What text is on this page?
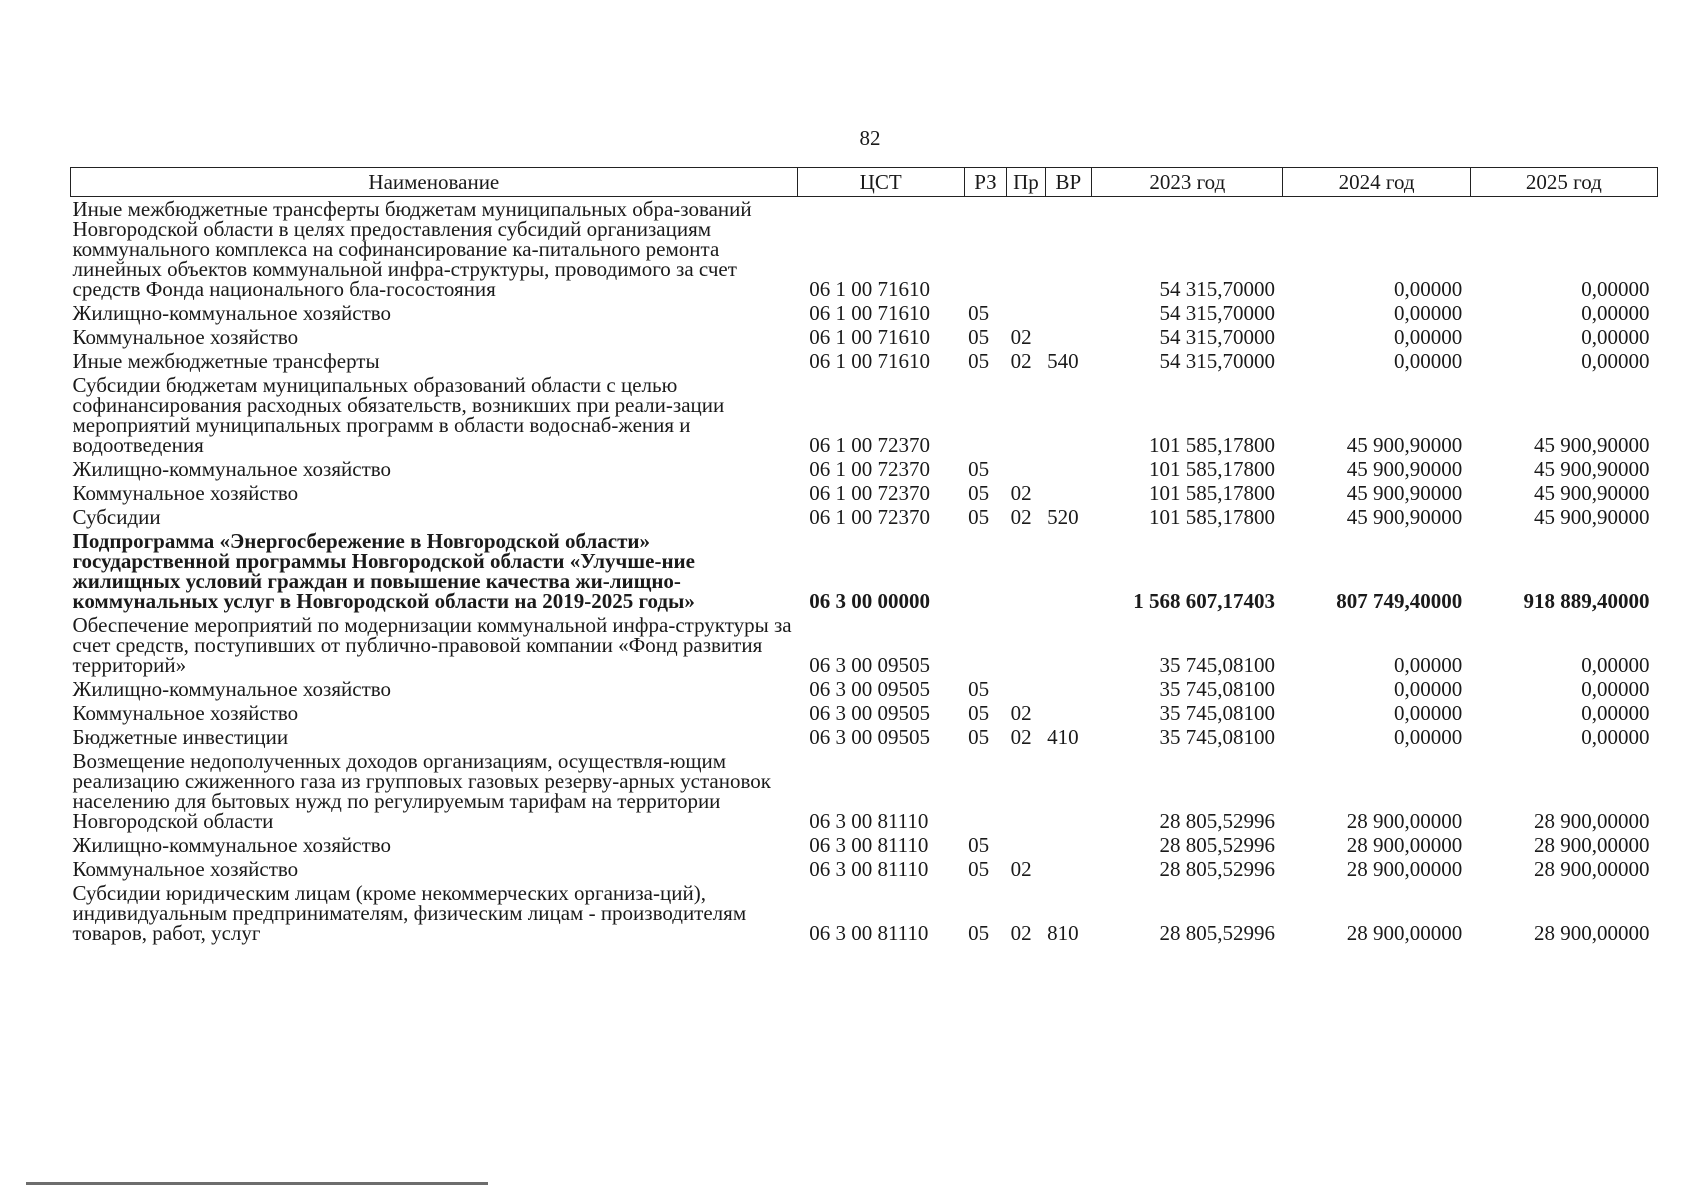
82
Наименование	ЦСТ	РЗ	Пр	ВР	2023 год	2024 год	2025 год
Иные межбюджетные трансферты бюджетам муниципальных обра-зований Новгородской области в целях предоставления субсидий организациям коммунального комплекса на софинансирование ка-питального ремонта линейных объектов коммунальной инфра-структуры, проводимого за счет средств Фонда национального бла-госостояния	06 1 00 71610				54 315,70000	0,00000	0,00000
Жилищно-коммунальное хозяйство	06 1 00 71610	05			54 315,70000	0,00000	0,00000
Коммунальное хозяйство	06 1 00 71610	05	02		54 315,70000	0,00000	0,00000
Иные межбюджетные трансферты	06 1 00 71610	05	02	540	54 315,70000	0,00000	0,00000
Субсидии бюджетам муниципальных образований области с целью софинансирования расходных обязательств, возникших при реали-зации мероприятий муниципальных программ в области водоснаб-жения и водоотведения	06 1 00 72370				101 585,17800	45 900,90000	45 900,90000
Жилищно-коммунальное хозяйство	06 1 00 72370	05			101 585,17800	45 900,90000	45 900,90000
Коммунальное хозяйство	06 1 00 72370	05	02		101 585,17800	45 900,90000	45 900,90000
Субсидии	06 1 00 72370	05	02	520	101 585,17800	45 900,90000	45 900,90000
Подпрограмма «Энергосбережение в Новгородской области» государственной программы Новгородской области «Улучше-ние жилищных условий граждан и повышение качества жи-лищно-коммунальных услуг в Новгородской области на 2019-2025 годы»	06 3 00 00000				1 568 607,17403	807 749,40000	918 889,40000
Обеспечение мероприятий по модернизации коммунальной инфра-структуры за счет средств, поступивших от публично-правовой компании «Фонд развития территорий»	06 3 00 09505				35 745,08100	0,00000	0,00000
Жилищно-коммунальное хозяйство	06 3 00 09505	05			35 745,08100	0,00000	0,00000
Коммунальное хозяйство	06 3 00 09505	05	02		35 745,08100	0,00000	0,00000
Бюджетные инвестиции	06 3 00 09505	05	02	410	35 745,08100	0,00000	0,00000
Возмещение недополученных доходов организациям, осуществля-ющим реализацию сжиженного газа из групповых газовых резерву-арных установок населению для бытовых нужд по регулируемым тарифам на территории Новгородской области	06 3 00 81110				28 805,52996	28 900,00000	28 900,00000
Жилищно-коммунальное хозяйство	06 3 00 81110	05			28 805,52996	28 900,00000	28 900,00000
Коммунальное хозяйство	06 3 00 81110	05	02		28 805,52996	28 900,00000	28 900,00000
Субсидии юридическим лицам (кроме некоммерческих организа-ций), индивидуальным предпринимателям, физическим лицам - производителям товаров, работ, услуг	06 3 00 81110	05	02	810	28 805,52996	28 900,00000	28 900,00000
